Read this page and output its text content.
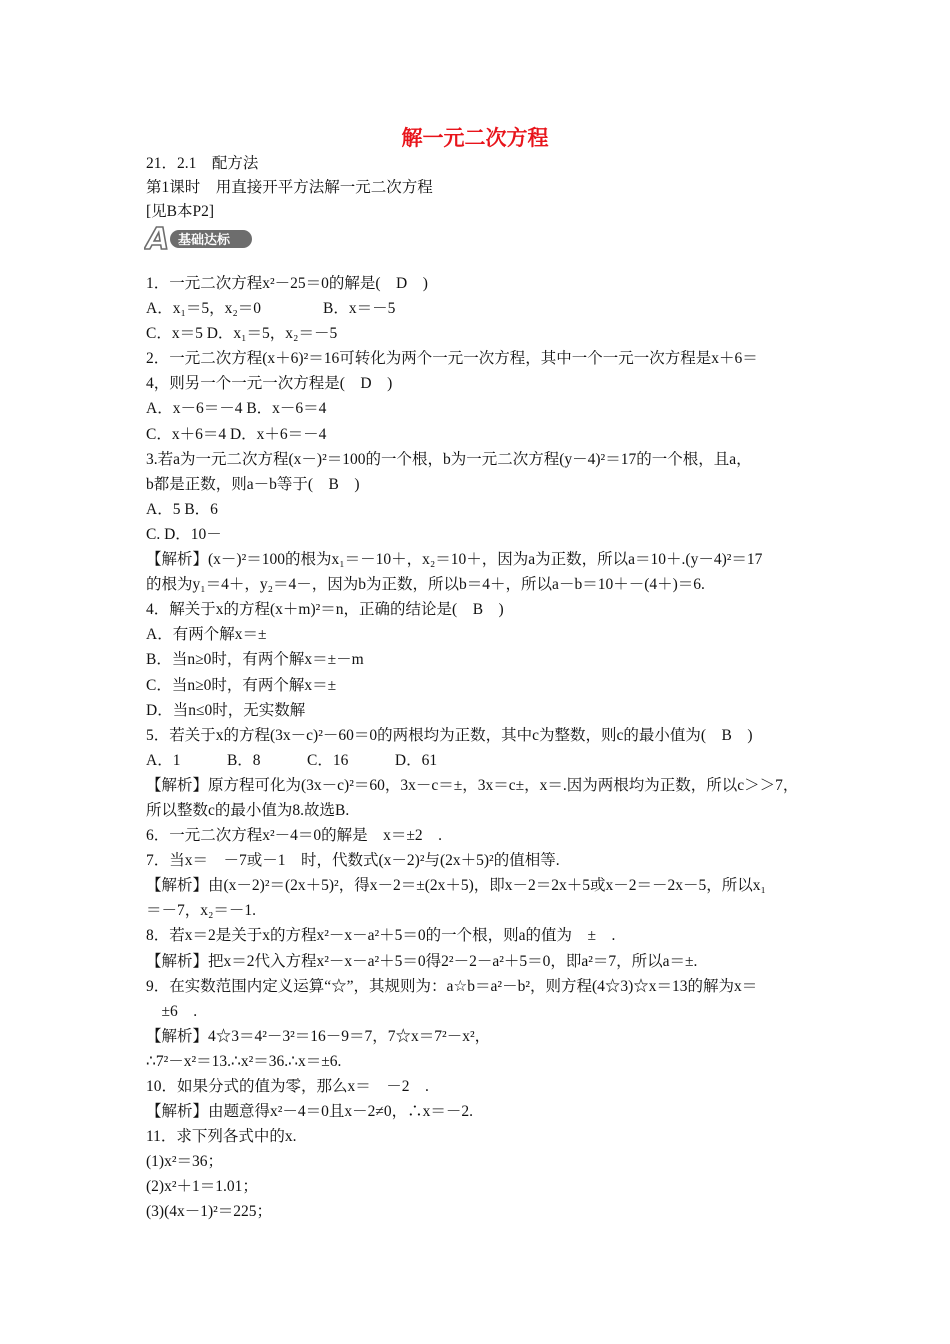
解一元二次方程
21．2.1　配方法
第1课时　用直接开平方法解一元二次方程
[见B本P2]
A 基础达标

1．一元二次方程x²－25＝0的解是(　D　)

A．x₁＝5，x₂＝0　　　　B．x＝－5

C．x＝5 D．x₁＝5，x₂＝－5

2．一元二次方程(x＋6)²＝16可转化为两个一元一次方程，其中一个一元一次方程是x＋6＝

4，则另一个一元一次方程是(　D　)

A．x－6＝－4 B．x－6＝4

C．x＋6＝4 D．x＋6＝－4

3.若a为一元二次方程(x－)²＝100的一个根，b为一元二次方程(y－4)²＝17的一个根，且a，

b都是正数，则a－b等于(　B　)

A．5 B．6

C. D．10－

【解析】(x－)²＝100的根为x₁＝－10＋，x₂＝10＋，因为a为正数，所以a＝10＋.(y－4)²＝17

的根为y₁＝4＋，y₂＝4－，因为b为正数，所以b＝4＋，所以a－b＝10＋－(4＋)＝6.

4．解关于x的方程(x＋m)²＝n，正确的结论是(　B　)

A．有两个解x＝±

B．当n≥0时，有两个解x＝±－m

C．当n≥0时，有两个解x＝±

D．当n≤0时，无实数解

5．若关于x的方程(3x－c)²－60＝0的两根均为正数，其中c为整数，则c的最小值为(　B　)

A．1　　　B．8　　　C．16　　　D．61

【解析】原方程可化为(3x－c)²＝60，3x－c＝±，3x＝c±，x＝.因为两根均为正数，所以c＞＞7，

所以整数c的最小值为8.故选B.

6．一元二次方程x²－4＝0的解是　x＝±2　.

7．当x＝　－7或－1　时，代数式(x－2)²与(2x＋5)²的值相等.

【解析】由(x－2)²＝(2x＋5)²，得x－2＝±(2x＋5)，即x－2＝2x＋5或x－2＝－2x－5，所以x₁

＝－7，x₂＝－1.

8．若x＝2是关于x的方程x²－x－a²＋5＝0的一个根，则a的值为　±　.

【解析】把x＝2代入方程x²－x－a²＋5＝0得2²－2－a²＋5＝0，即a²＝7，所以a＝±.

9．在实数范围内定义运算“☆”，其规则为：a☆b＝a²－b²，则方程(4☆3)☆x＝13的解为x＝

　±6　.

【解析】4☆3＝4²－3²＝16－9＝7，7☆x＝7²－x²，

∴7²－x²＝13.∴x²＝36.∴x＝±6.

10．如果分式的值为零，那么x＝　－2　.

【解析】由题意得x²－4＝0且x－2≠0，∴x＝－2.

11．求下列各式中的x.

(1)x²＝36；

(2)x²＋1＝1.01；

(3)(4x－1)²＝225；
